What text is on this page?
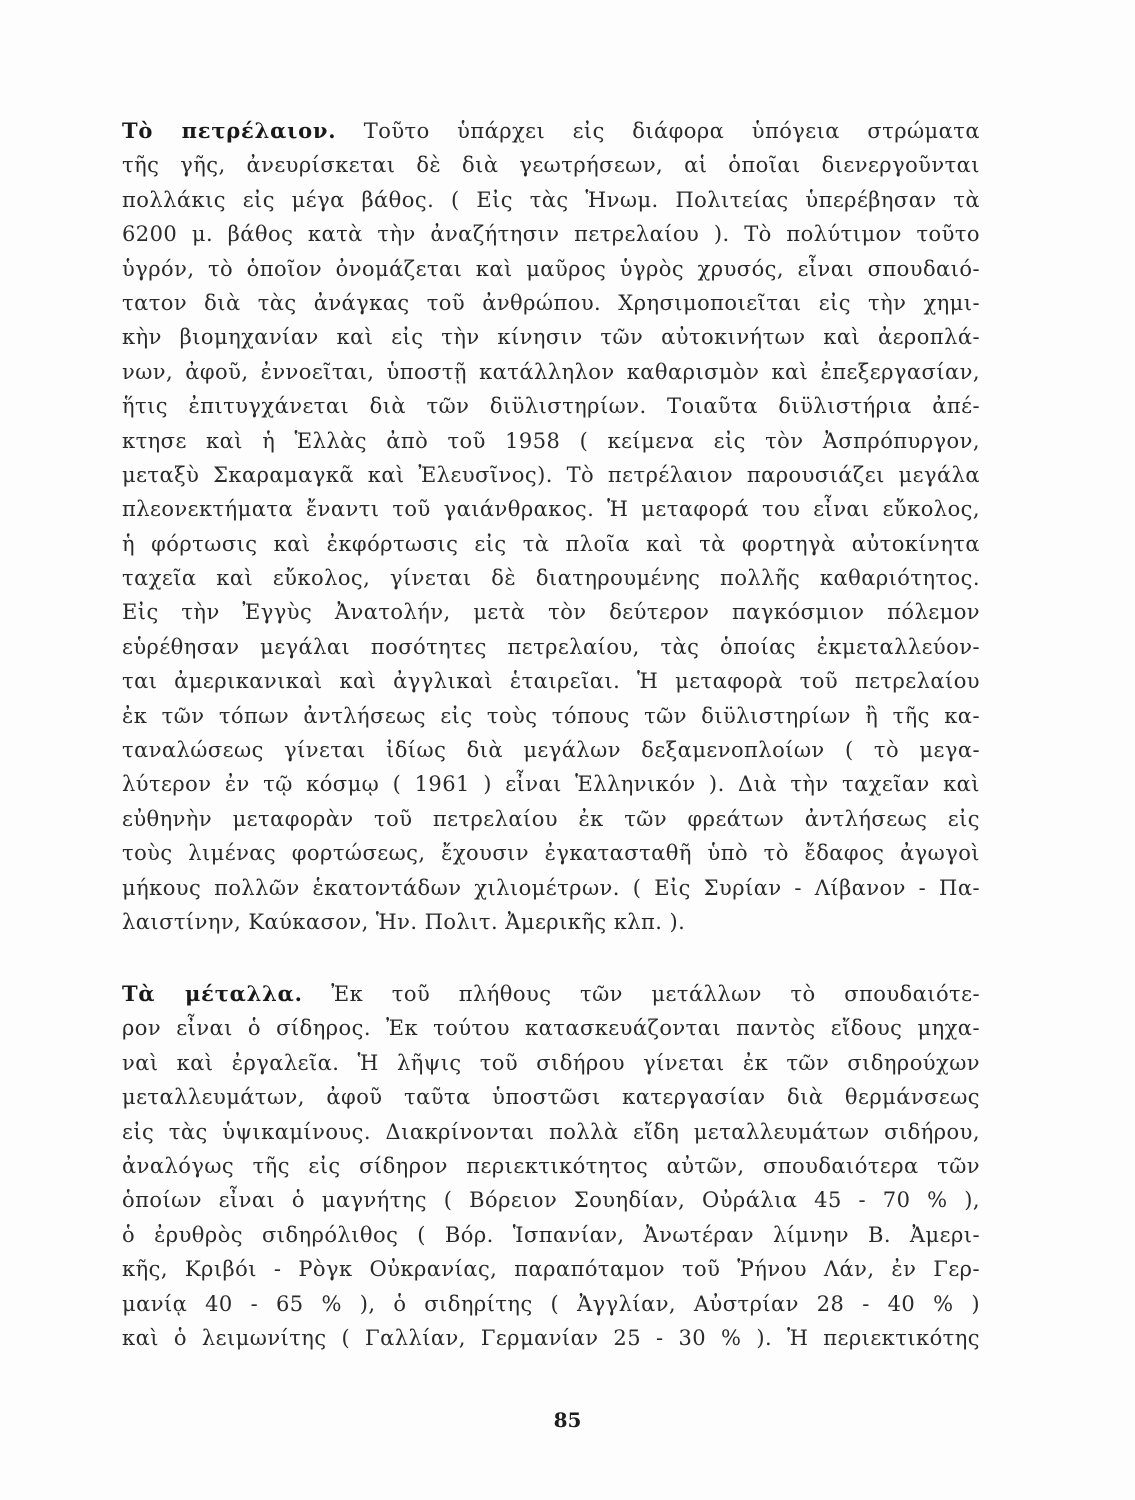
Τὸ πετρέλαιον. Τοῦτο ὑπάρχει εἰς διάφορα ὑπόγεια στρώματα
τῆς γῆς, ἀνευρίσκεται δὲ διὰ γεωτρήσεων, αἱ ὁποῖαι διενεργοῦνται
πολλάκις εἰς μέγα βάθος. ( Εἰς τὰς Ἡνωμ. Πολιτείας ὑπερέβησαν τὰ
6200 μ. βάθος κατὰ τὴν ἀναζήτησιν πετρελαίου ). Τὸ πολύτιμον τοῦτο
ὑγρόν, τὸ ὁποῖον ὀνομάζεται καὶ μαῦρος ὑγρὸς χρυσός, εἶναι σπουδαιό-
τατον διὰ τὰς ἀνάγκας τοῦ ἀνθρώπου. Χρησιμοποιεῖται εἰς τὴν χημι-
κὴν βιομηχανίαν καὶ εἰς τὴν κίνησιν τῶν αὐτοκινήτων καὶ ἀεροπλά-
νων, ἀφοῦ, ἐννοεῖται, ὑποστῇ κατάλληλον καθαρισμὸν καὶ ἐπεξεργασίαν,
ἥτις ἐπιτυγχάνεται διὰ τῶν διϋλιστηρίων. Τοιαῦτα διϋλιστήρια ἀπέ-
κτησε καὶ ἡ Ἑλλὰς ἀπὸ τοῦ 1958 ( κείμενα εἰς τὸν Ἀσπρόπυργον,
μεταξὺ Σκαραμαγκᾶ καὶ Ἐλευσῖνος). Τὸ πετρέλαιον παρουσιάζει μεγάλα
πλεονεκτήματα ἔναντι τοῦ γαιάνθρακος. Ἡ μεταφορά του εἶναι εὔκολος,
ἡ φόρτωσις καὶ ἐκφόρτωσις εἰς τὰ πλοῖα καὶ τὰ φορτηγὰ αὐτοκίνητα
ταχεῖα καὶ εὔκολος, γίνεται δὲ διατηρουμένης πολλῆς καθαριότητος.
Εἰς τὴν Ἐγγὺς Ἀνατολήν, μετὰ τὸν δεύτερον παγκόσμιον πόλεμον
εὑρέθησαν μεγάλαι ποσότητες πετρελαίου, τὰς ὁποίας ἐκμεταλλεύον-
ται ἀμερικανικαὶ καὶ ἀγγλικαὶ ἑταιρεῖαι. Ἡ μεταφορὰ τοῦ πετρελαίου
ἐκ τῶν τόπων ἀντλήσεως εἰς τοὺς τόπους τῶν διϋλιστηρίων ἢ τῆς κα-
ταναλώσεως γίνεται ἰδίως διὰ μεγάλων δεξαμενοπλοίων ( τὸ μεγα-
λύτερον ἐν τῷ κόσμῳ ( 1961 ) εἶναι Ἑλληνικόν ). Διὰ τὴν ταχεῖαν καὶ
εὐθηνὴν μεταφορὰν τοῦ πετρελαίου ἐκ τῶν φρεάτων ἀντλήσεως εἰς
τοὺς λιμένας φορτώσεως, ἔχουσιν ἐγκατασταθῆ ὑπὸ τὸ ἔδαφος ἀγωγοὶ
μήκους πολλῶν ἑκατοντάδων χιλιομέτρων. ( Εἰς Συρίαν - Λίβανον - Πα-
λαιστίνην, Καύκασον, Ἡν. Πολιτ. Ἀμερικῆς κλπ. ).
Τὰ μέταλλα. Ἐκ τοῦ πλήθους τῶν μετάλλων τὸ σπουδαιότε-
ρον εἶναι ὁ σίδηρος. Ἐκ τούτου κατασκευάζονται παντὸς εἴδους μηχα-
ναὶ καὶ ἐργαλεῖα. Ἡ λῆψις τοῦ σιδήρου γίνεται ἐκ τῶν σιδηρούχων
μεταλλευμάτων, ἀφοῦ ταῦτα ὑποστῶσι κατεργασίαν διὰ θερμάνσεως
εἰς τὰς ὑψικαμίνους. Διακρίνονται πολλὰ εἴδη μεταλλευμάτων σιδήρου,
ἀναλόγως τῆς εἰς σίδηρον περιεκτικότητος αὐτῶν, σπουδαιότερα τῶν
ὁποίων εἶναι ὁ μαγνήτης ( Βόρειον Σουηδίαν, Οὐράλια 45 - 70 % ),
ὁ ἐρυθρὸς σιδηρόλιθος ( Βόρ. Ἱσπανίαν, Ἀνωτέραν λίμνην Β. Ἀμερι-
κῆς, Κριβόι - Ρὸγκ Οὐκρανίας, παραπόταμον τοῦ Ῥήνου Λάν, ἐν Γερ-
μανίᾳ 40 - 65 % ), ὁ σιδηρίτης ( Ἀγγλίαν, Αὐστρίαν 28 - 40 % )
καὶ ὁ λειμωνίτης ( Γαλλίαν, Γερμανίαν 25 - 30 % ). Ἡ περιεκτικότης
85
